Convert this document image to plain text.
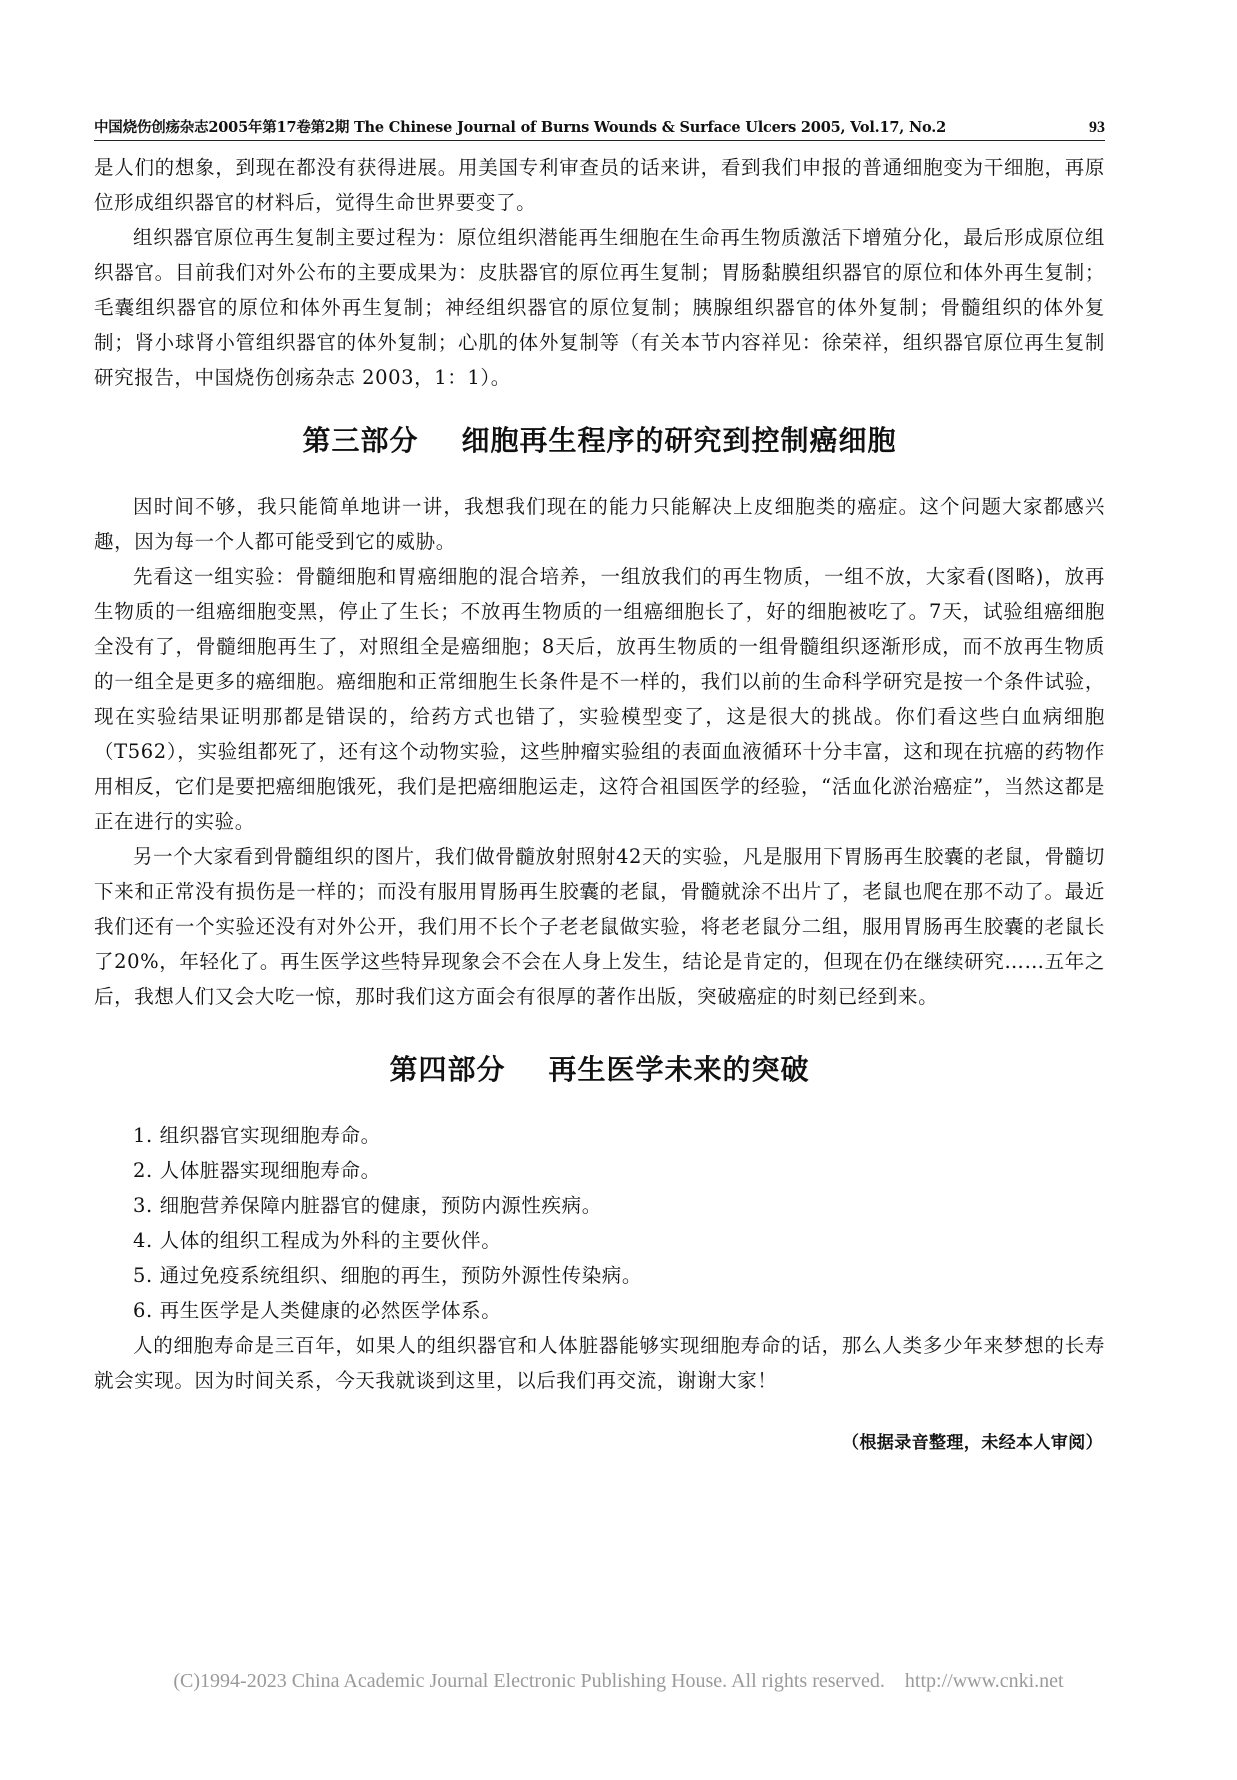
中国烧伤创疡杂志2005年第17卷第2期 The Chinese Journal of Burns Wounds & Surface Ulcers 2005, Vol.17, No.2	93

是人们的想象，到现在都没有获得进展。用美国专利审查员的话来讲，看到我们申报的普通细胞变为干细胞，再原位形成组织器官的材料后，觉得生命世界要变了。

组织器官原位再生复制主要过程为：原位组织潜能再生细胞在生命再生物质激活下增殖分化，最后形成原位组织器官。目前我们对外公布的主要成果为：皮肤器官的原位再生复制；胃肠黏膜组织器官的原位和体外再生复制；毛囊组织器官的原位和体外再生复制；神经组织器官的原位复制；胰腺组织器官的体外复制；骨髓组织的体外复制；肾小球肾小管组织器官的体外复制；心肌的体外复制等（有关本节内容祥见：徐荣祥，组织器官原位再生复制研究报告，中国烧伤创疡杂志 2003，1：1）。

第三部分    细胞再生程序的研究到控制癌细胞

因时间不够，我只能简单地讲一讲，我想我们现在的能力只能解决上皮细胞类的癌症。这个问题大家都感兴趣，因为每一个人都可能受到它的威胁。

先看这一组实验：骨髓细胞和胃癌细胞的混合培养，一组放我们的再生物质，一组不放，大家看(图略)，放再生物质的一组癌细胞变黑，停止了生长；不放再生物质的一组癌细胞长了，好的细胞被吃了。7天，试验组癌细胞全没有了，骨髓细胞再生了，对照组全是癌细胞；8天后，放再生物质的一组骨髓组织逐渐形成，而不放再生物质的一组全是更多的癌细胞。癌细胞和正常细胞生长条件是不一样的，我们以前的生命科学研究是按一个条件试验，现在实验结果证明那都是错误的，给药方式也错了，实验模型变了，这是很大的挑战。你们看这些白血病细胞（T562），实验组都死了，还有这个动物实验，这些肿瘤实验组的表面血液循环十分丰富，这和现在抗癌的药物作用相反，它们是要把癌细胞饿死，我们是把癌细胞运走，这符合祖国医学的经验，“活血化淤治癌症”，当然这都是正在进行的实验。

另一个大家看到骨髓组织的图片，我们做骨髓放射照射42天的实验，凡是服用下胃肠再生胶囊的老鼠，骨髓切下来和正常没有损伤是一样的；而没有服用胃肠再生胶囊的老鼠，骨髓就涂不出片了，老鼠也爬在那不动了。最近我们还有一个实验还没有对外公开，我们用不长个子老老鼠做实验，将老老鼠分二组，服用胃肠再生胶囊的老鼠长了20%，年轻化了。再生医学这些特异现象会不会在人身上发生，结论是肯定的，但现在仍在继续研究……五年之后，我想人们又会大吃一惊，那时我们这方面会有很厚的著作出版，突破癌症的时刻已经到来。

第四部分    再生医学未来的突破
1. 组织器官实现细胞寿命。
2. 人体脏器实现细胞寿命。
3. 细胞营养保障内脏器官的健康，预防内源性疾病。
4. 人体的组织工程成为外科的主要伙伴。
5. 通过免疫系统组织、细胞的再生，预防外源性传染病。
6. 再生医学是人类健康的必然医学体系。

人的细胞寿命是三百年，如果人的组织器官和人体脏器能够实现细胞寿命的话，那么人类多少年来梦想的长寿就会实现。因为时间关系，今天我就谈到这里，以后我们再交流，谢谢大家！

（根据录音整理，未经本人审阅）
(C)1994-2023 China Academic Journal Electronic Publishing House. All rights reserved.    http://www.cnki.net
